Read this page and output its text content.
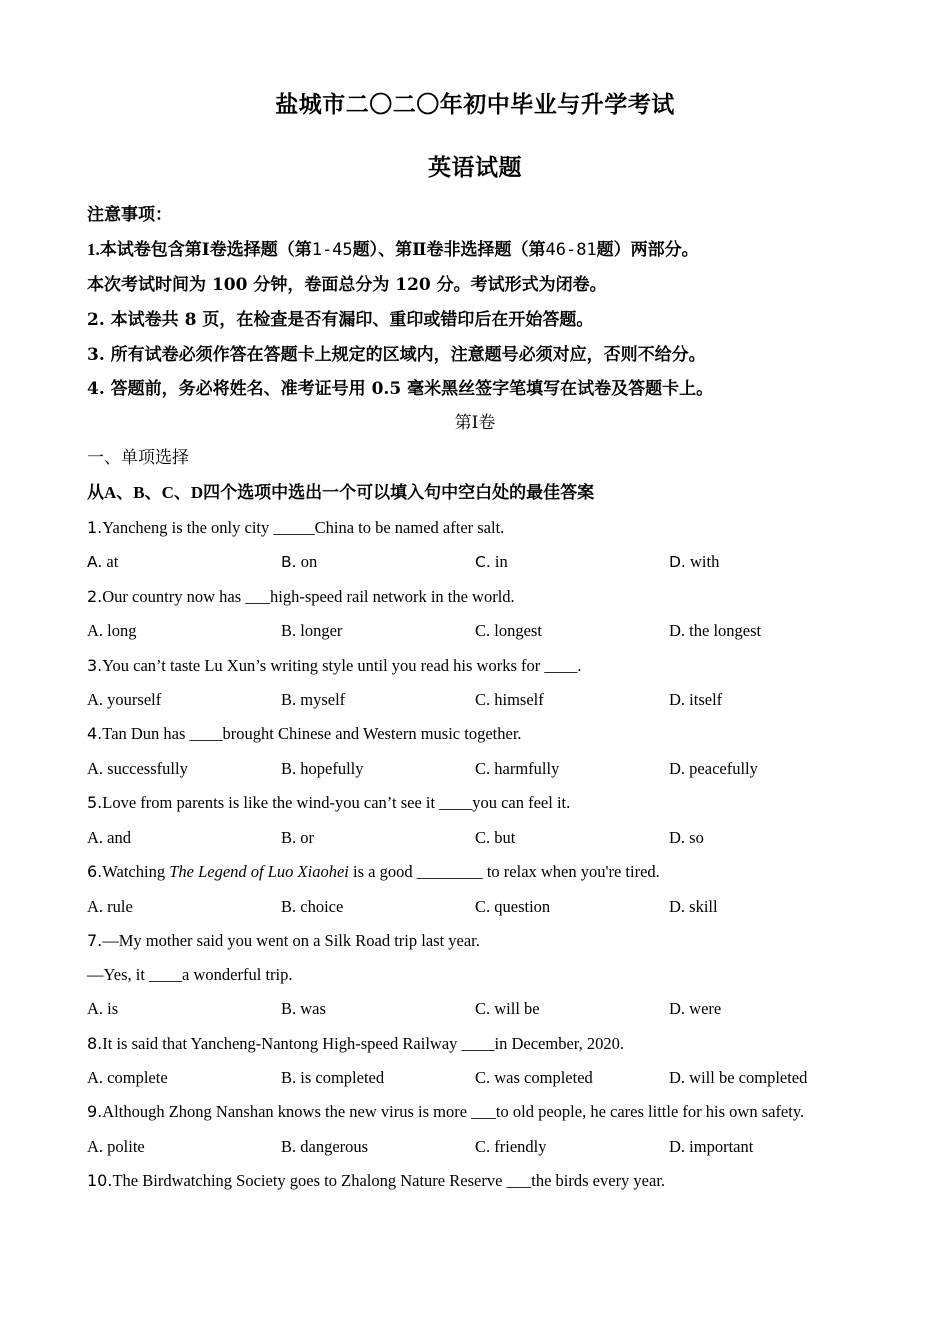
盐城市二〇二〇年初中毕业与升学考试
英语试题
注意事项：
1.本试卷包含第Ⅰ卷选择题（第1-45题）、第Ⅱ卷非选择题（第46-81题）两部分。
本次考试时间为 100 分钟，卷面总分为 120 分。考试形式为闭卷。
2. 本试卷共 8 页，在检查是否有漏印、重印或错印后在开始答题。
3. 所有试卷必须作答在答题卡上规定的区域内，注意题号必须对应，否则不给分。
4. 答题前，务必将姓名、准考证号用 0.5 毫米黑丝签字笔填写在试卷及答题卡上。
第Ⅰ卷
一、单项选择
从A、B、C、D四个选项中选出一个可以填入句中空白处的最佳答案
1.Yancheng is the only city _____China to be named after salt.
A. at	B. on	C. in	D. with
2.Our country now has ___high-speed rail network in the world.
A. long	B. longer	C. longest	D. the longest
3.You can’t taste Lu Xun’s writing style until you read his works for ____.
A. yourself	B. myself	C. himself	D. itself
4.Tan Dun has ____brought Chinese and Western music together.
A. successfully	B. hopefully	C. harmfully	D. peacefully
5.Love from parents is like the wind-you can’t see it ____you can feel it.
A. and	B. or	C. but	D. so
6.Watching The Legend of Luo Xiaohei is a good ________ to relax when you're tired.
A. rule	B. choice	C. question	D. skill
7.—My mother said you went on a Silk Road trip last year.
—Yes, it ____a wonderful trip.
A. is	B. was	C. will be	D. were
8.It is said that Yancheng-Nantong High-speed Railway ____in December, 2020.
A. complete	B. is completed	C. was completed	D. will be completed
9.Although Zhong Nanshan knows the new virus is more ___to old people, he cares little for his own safety.
A. polite	B. dangerous	C. friendly	D. important
10.The Birdwatching Society goes to Zhalong Nature Reserve ___the birds every year.
